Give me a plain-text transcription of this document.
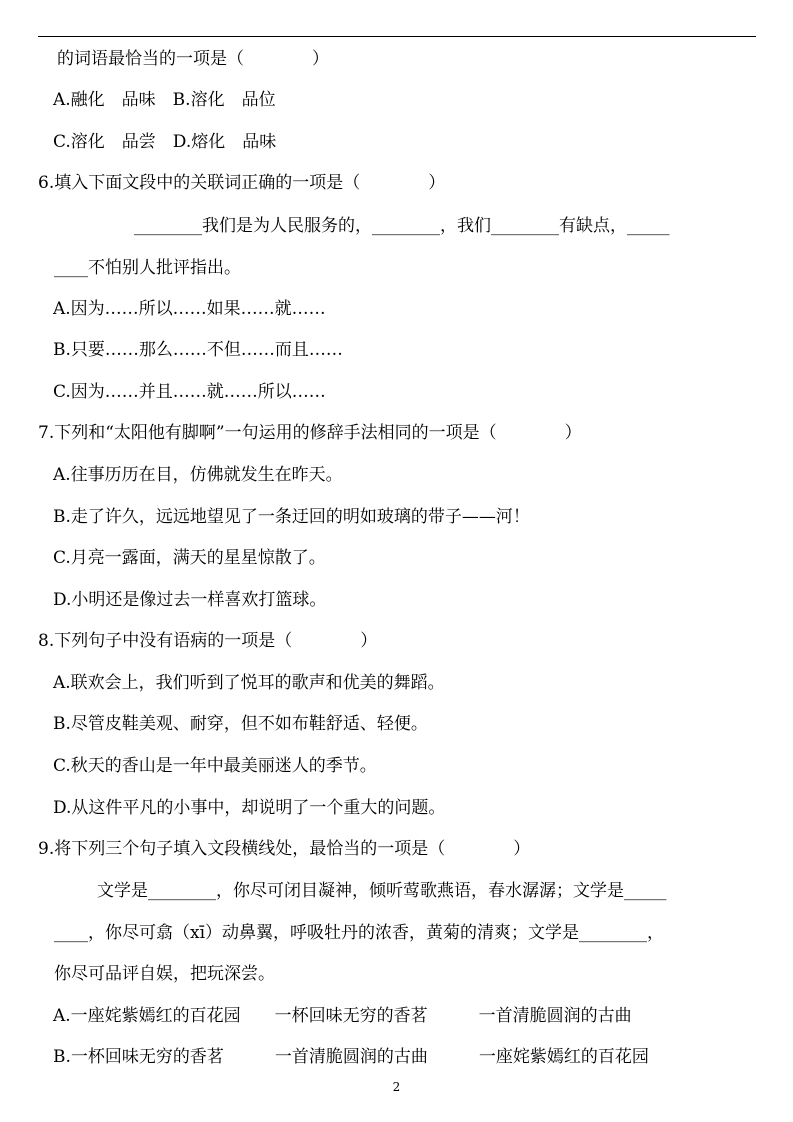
的词语最恰当的一项是（　　　　）
A.融化　品味　B.溶化　品位
C.溶化　品尝　D.熔化　品味
6.填入下面文段中的关联词正确的一项是（　　　　）
________我们是为人民服务的，________，我们________有缺点，_____
____不怕别人批评指出。
A.因为……所以……如果……就……
B.只要……那么……不但……而且……
C.因为……并且……就……所以……
7.下列和“太阳他有脚啊”一句运用的修辞手法相同的一项是（　　　　）
A.往事历历在目，仿佛就发生在昨天。
B.走了许久，远远地望见了一条迂回的明如玻璃的带子——河！
C.月亮一露面，满天的星星惊散了。
D.小明还是像过去一样喜欢打篮球。
8.下列句子中没有语病的一项是（　　　　）
A.联欢会上，我们听到了悦耳的歌声和优美的舞蹈。
B.尽管皮鞋美观、耐穿，但不如布鞋舒适、轻便。
C.秋天的香山是一年中最美丽迷人的季节。
D.从这件平凡的小事中，却说明了一个重大的问题。
9.将下列三个句子填入文段横线处，最恰当的一项是（　　　　）
文学是________，你尽可闭目凝神，倾听莺歌燕语，春水潺潺；文学是_____
____，你尽可翕（xī）动鼻翼，呼吸牡丹的浓香，黄菊的清爽；文学是________，
你尽可品评自娱，把玩深尝。
A.一座姹紫嫣红的百花园　　一杯回味无穷的香茗　　　一首清脆圆润的古曲
B.一杯回味无穷的香茗　　　一首清脆圆润的古曲　　　一座姹紫嫣红的百花园
2
